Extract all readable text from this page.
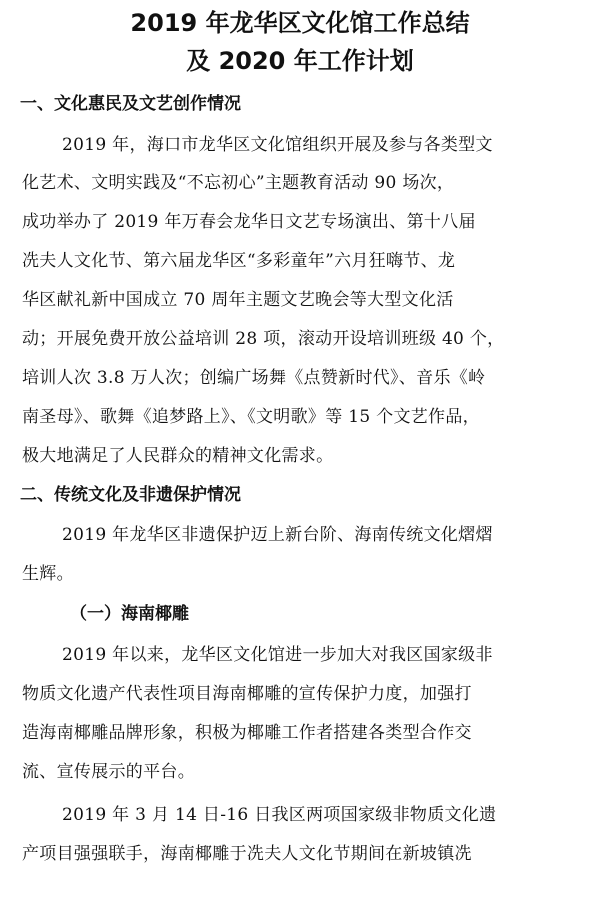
2019 年龙华区文化馆工作总结
及 2020 年工作计划
一、文化惠民及文艺创作情况

2019 年，海口市龙华区文化馆组织开展及参与各类型文

化艺术、文明实践及“不忘初心”主题教育活动 90 场次，

成功举办了 2019 年万春会龙华日文艺专场演出、第十八届

冼夫人文化节、第六届龙华区“多彩童年”六月狂嗨节、龙

华区献礼新中国成立 70 周年主题文艺晚会等大型文化活

动；开展免费开放公益培训 28 项，滚动开设培训班级 40 个，

培训人次 3.8 万人次；创编广场舞《点赞新时代》、音乐《岭

南圣母》、歌舞《追梦路上》、《文明歌》等 15 个文艺作品，

极大地满足了人民群众的精神文化需求。

二、传统文化及非遗保护情况

2019 年龙华区非遗保护迈上新台阶、海南传统文化熠熠

生辉。

（一）海南椰雕

2019 年以来，龙华区文化馆进一步加大对我区国家级非

物质文化遗产代表性项目海南椰雕的宣传保护力度，加强打

造海南椰雕品牌形象，积极为椰雕工作者搭建各类型合作交

流、宣传展示的平台。

2019 年 3 月 14 日-16 日我区两项国家级非物质文化遗

产项目强强联手，海南椰雕于冼夫人文化节期间在新坡镇冼
